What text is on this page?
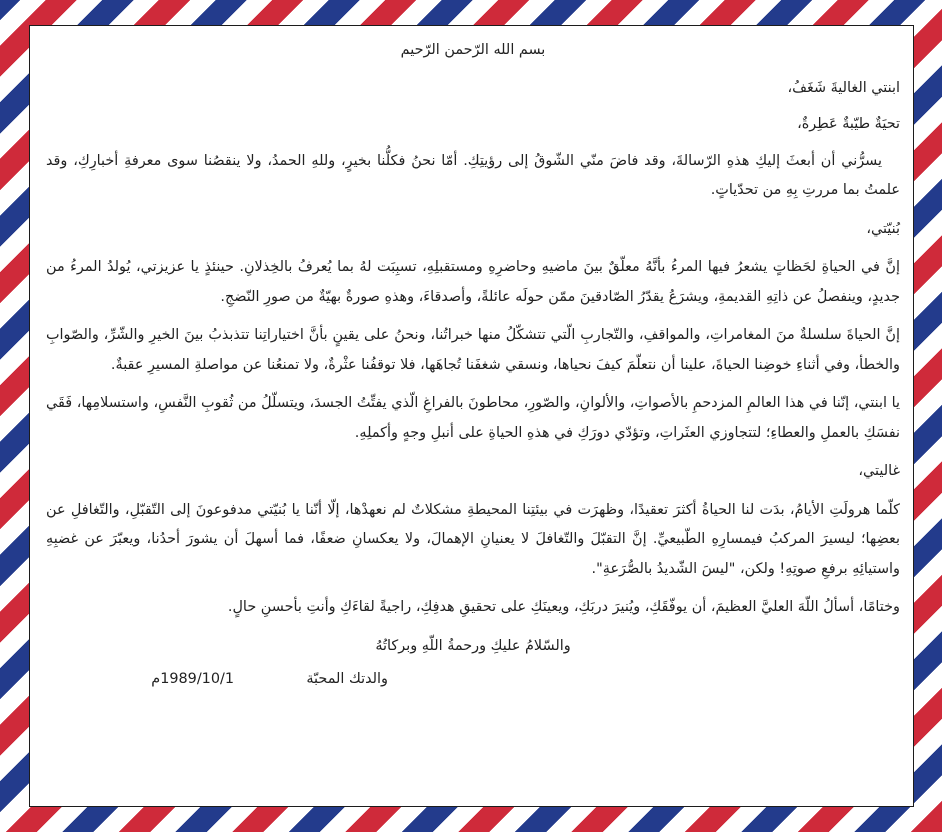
بسم الله الرّحمن الرّحيم

ابنتي الغاليةَ شَغَفُ،

تحيَةٌ طيّبةٌ عَطِرةٌ،

يسرُّني أن أبعثَ إليكِ هذهِ الرّسالةَ، وقد فاضَ منّي الشّوقُ إلى رؤيتِكِ. أمّا نحنُ فكلُّنا بخيرٍ، وللهِ الحمدُ، ولا ينقصُنا سوى معرفةِ أخبارِكِ، وقد علمتُ بما مررتِ بِهِ من تحدّياتٍ.

بُنيّتي،

إنَّ في الحياةِ لحَظاتٍ يشعرُ فيها المرءُ بأنَّهُ معلّقٌ بينَ ماضيهِ وحاضرِهِ ومستقبلِهِ، تسبِبَت لهُ بما يُعرفُ بالخِذلانِ. حينئذٍ يا عزيزتي، يُولدُ المرءُ من جديدٍ، وينفصلُ عن ذاتِهِ القديمةِ، ويشرَعُ يقدّرُ الصّادقينَ ممّن حولَه عائلةً، وأصدقاءَ، وهذهِ صورةٌ بهيّةٌ من صورِ النّضجِ.

إنَّ الحياةَ سلسلةٌ منَ المغامراتِ، والمواقفِ، والتّجاربِ الّتي تتشكّلُ منها خبراتُنا، ونحنُ على يقينٍ بأنَّ اختياراتِنا تتذبذبُ بينَ الخيرِ والشّرِّ، والصّوابِ والخطأ، وفي أثناءِ خوضِنا الحياةَ، علينا أن نتعلّمَ كيفَ نحياها، ونسقي شغفَنا تُجاهَها، فلا توقفُنا عثْرةٌ، ولا تمنعُنا عن مواصلةِ المسيرِ عقبةٌ.

يا ابنتي، إنّنا في هذا العالمِ المزدحمِ بالأصواتِ، والألوانِ، والصّورِ، محاطونَ بالفراغِ الّذي يفتِّتُ الجسدَ، ويتسلّلُ من ثُقوبِ النَّفسِ، واستسلامِها، فَقَي نفسَكِ بالعملِ والعطاءِ؛ لتتجاوزي العثَراتِ، وتؤدّي دورَكِ في هذهِ الحياةِ على أنبلِ وجهٍ وأكملِهِ.

غاليتي،

كلّما هرولَتِ الأيامُ، بدَت لنا الحياةُ أكثرَ تعقيدًا، وظهرَت في بيئتِنا المحيطةِ مشكلاتٌ لم نعهدْها، إلّا أنّنا يا بُنيّتي مدفوعونَ إلى التّقبّلِ، والتّغافلِ عن بعضِها؛ ليسيرَ المركبُ فيمسارِهِ الطّبيعيِّ. إنَّ التقبّلَ والتّغافلَ لا يعنيانِ الإهمالَ، ولا يعكسانِ ضعفًا، فما أسهلَ أن يشورَ أحدُنا، ويعبّرَ عن غضبِهِ واستيائِهِ برفعِ صوتِهِ! ولكن، "ليسَ الشّديدُ بالصُّرَعةِ".

وختامًا، أسألُ اللّهَ العليَّ العظيمَ، أن يوفّقَكِ، ويُنيرَ دربَكِ، ويعينَكِ على تحقيقِ هدفِكِ، راجيةً لقاءَكِ وأنتِ بأحسنِ حالٍ.

والسّلامُ عليكِ ورحمةُ اللّهِ وبركاتُهُ

والدتك المحبّة
1989/10/1م
